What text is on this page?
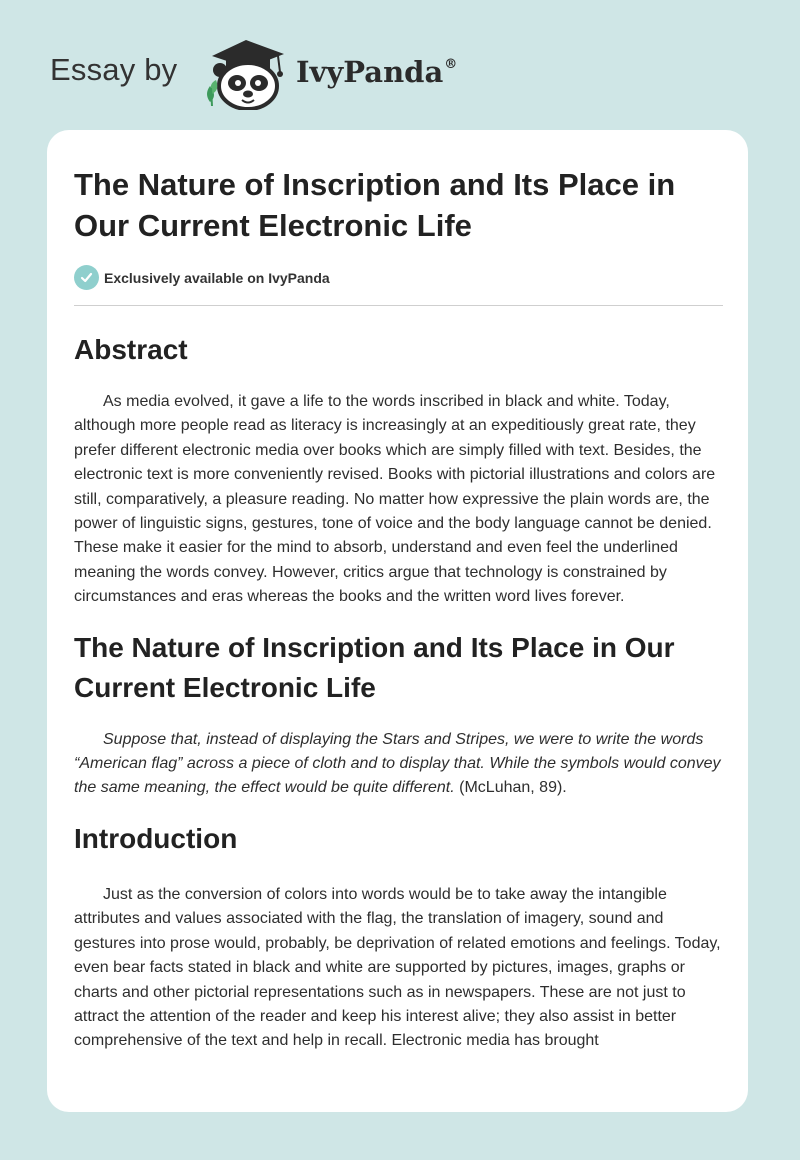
Essay by	IvyPanda®
The Nature of Inscription and Its Place in Our Current Electronic Life
Exclusively available on IvyPanda
Abstract

As media evolved, it gave a life to the words inscribed in black and white. Today, although more people read as literacy is increasingly at an expeditiously great rate, they prefer different electronic media over books which are simply filled with text. Besides, the electronic text is more conveniently revised. Books with pictorial illustrations and colors are still, comparatively, a pleasure reading. No matter how expressive the plain words are, the power of linguistic signs, gestures, tone of voice and the body language cannot be denied. These make it easier for the mind to absorb, understand and even feel the underlined meaning the words convey. However, critics argue that technology is constrained by circumstances and eras whereas the books and the written word lives forever.

The Nature of Inscription and Its Place in Our Current Electronic Life

Suppose that, instead of displaying the Stars and Stripes, we were to write the words “American flag” across a piece of cloth and to display that. While the symbols would convey the same meaning, the effect would be quite different. (McLuhan, 89).

Introduction

Just as the conversion of colors into words would be to take away the intangible attributes and values associated with the flag, the translation of imagery, sound and gestures into prose would, probably, be deprivation of related emotions and feelings. Today, even bear facts stated in black and white are supported by pictures, images, graphs or charts and other pictorial representations such as in newspapers. These are not just to attract the attention of the reader and keep his interest alive; they also assist in better comprehensive of the text and help in recall. Electronic media has brought
